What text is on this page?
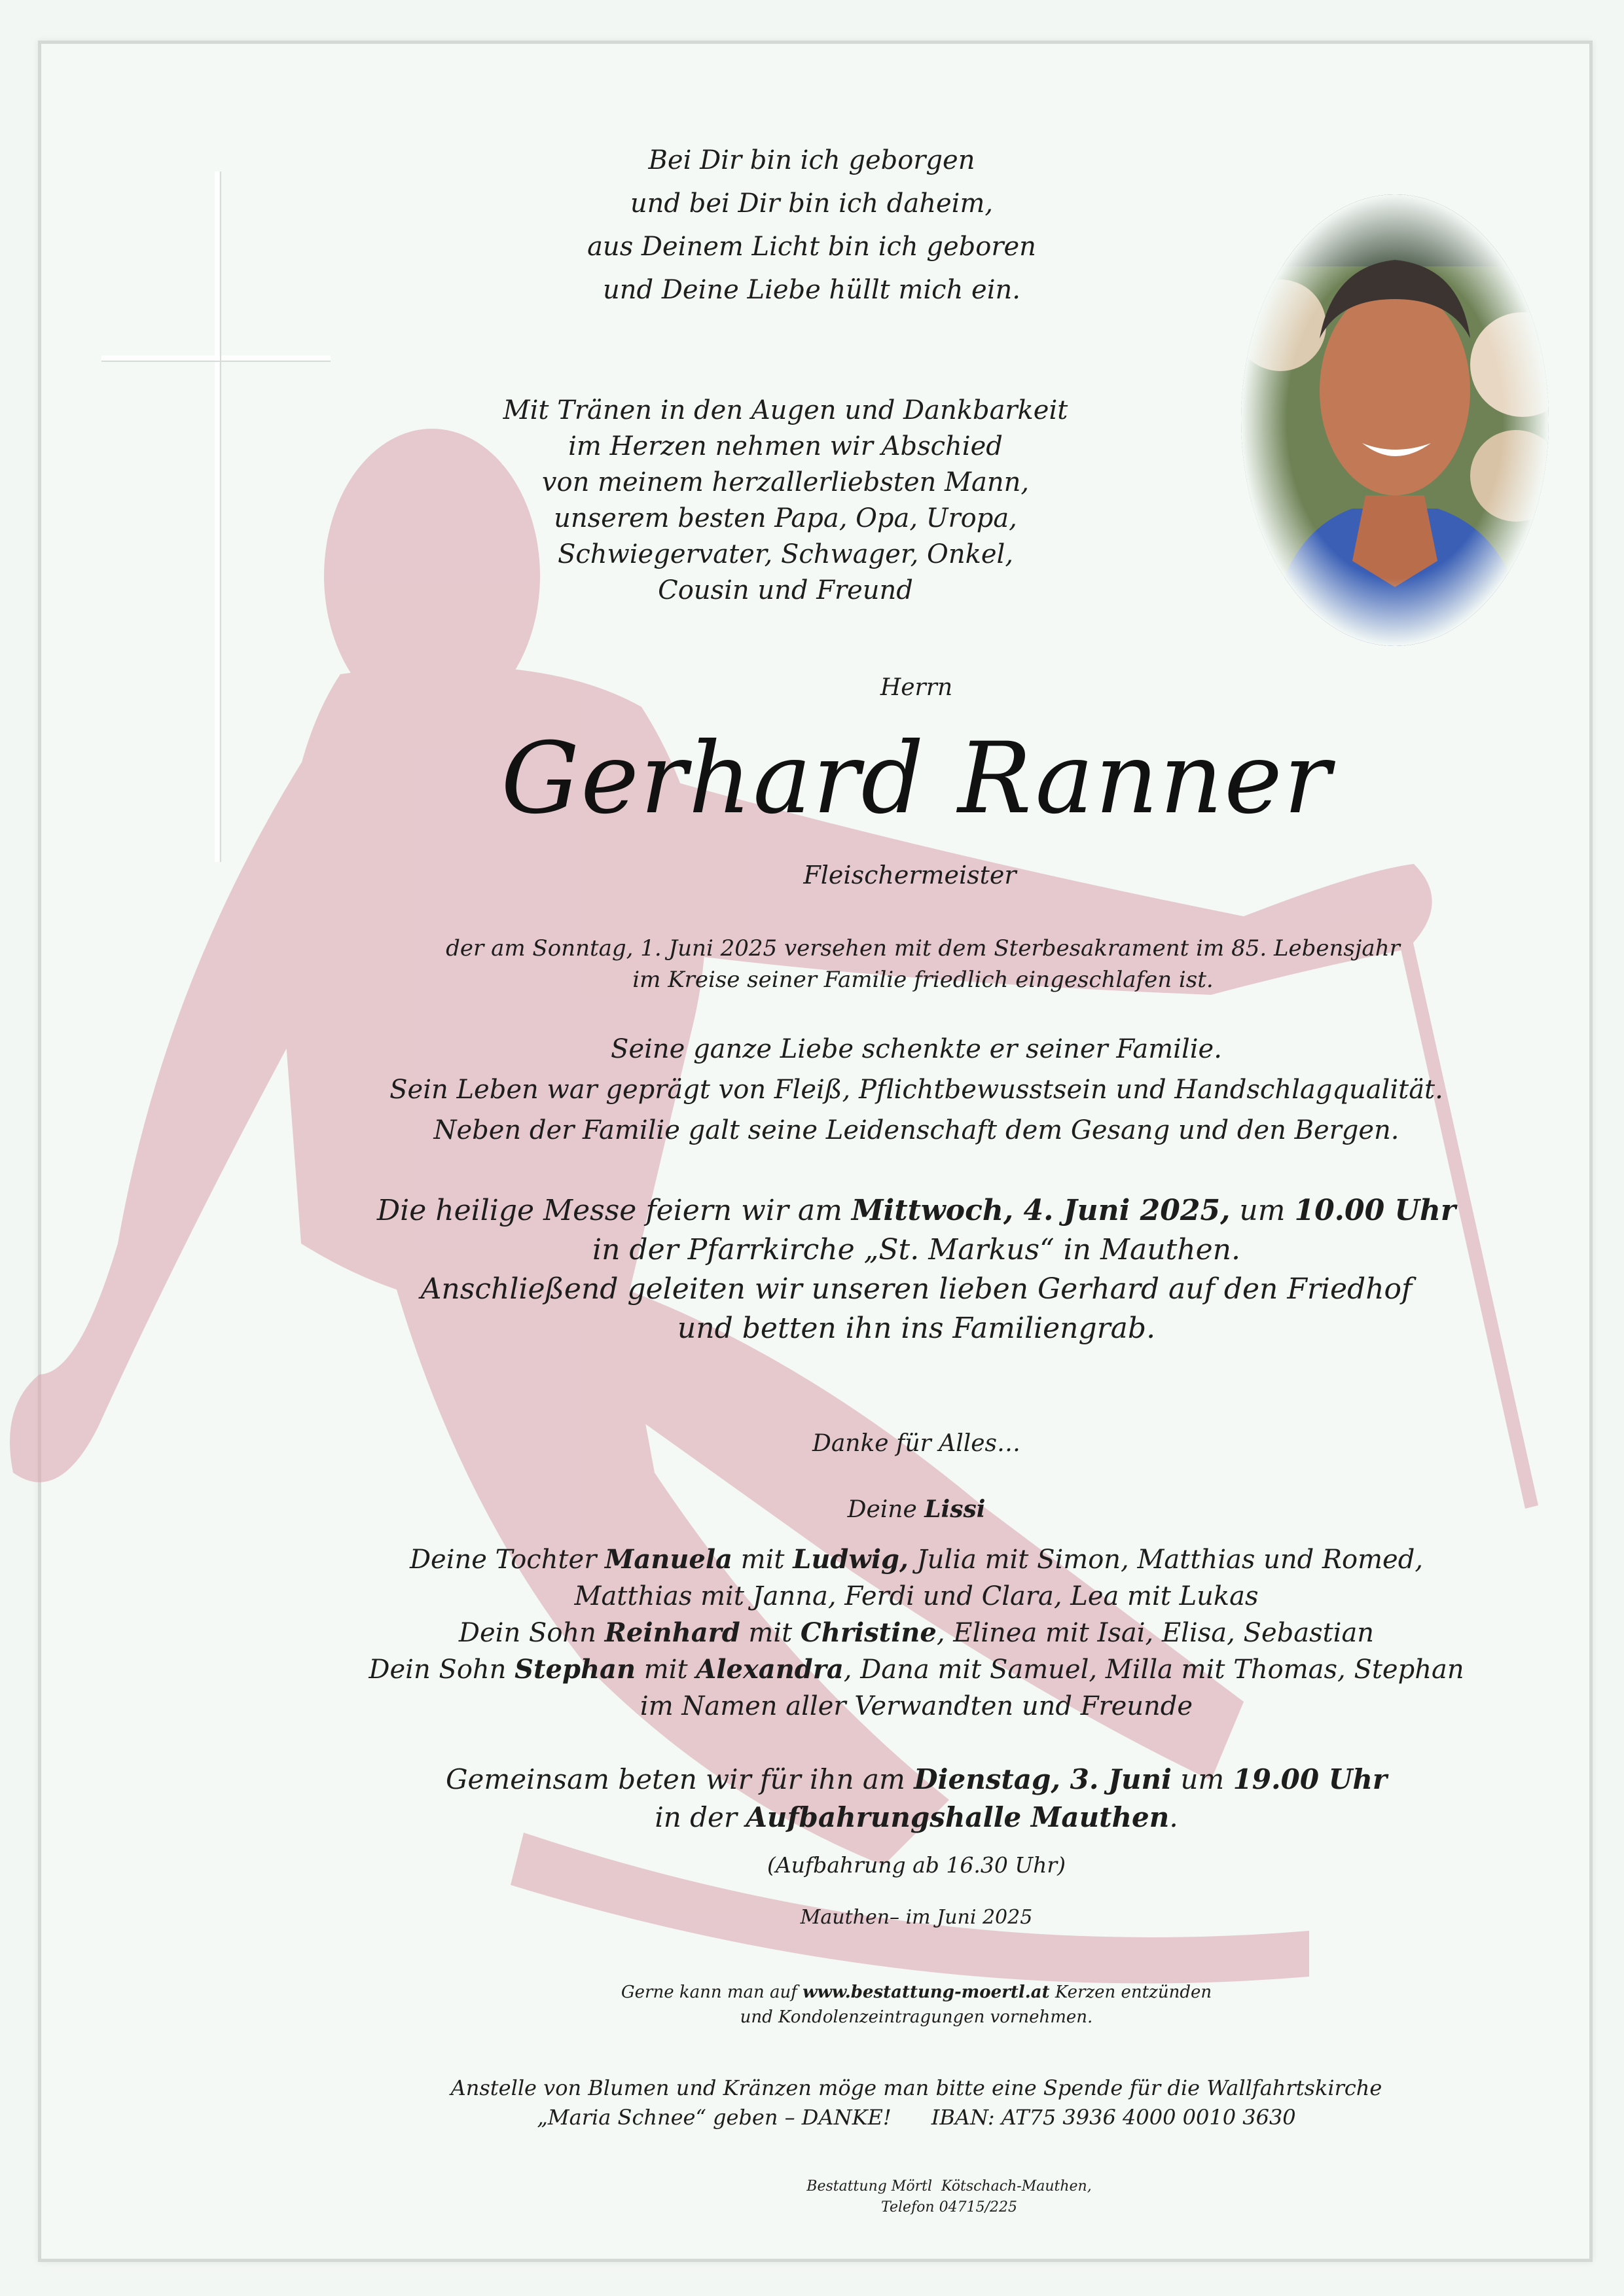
Bei Dir bin ich geborgen
und bei Dir bin ich daheim,
aus Deinem Licht bin ich geboren
und Deine Liebe hüllt mich ein.
Mit Tränen in den Augen und Dankbarkeit
im Herzen nehmen wir Abschied
von meinem herzallerliebsten Mann,
unserem besten Papa, Opa, Uropa,
Schwiegervater, Schwager, Onkel,
Cousin und Freund
Herrn
Gerhard Ranner
Fleischermeister
der am Sonntag, 1. Juni 2025 versehen mit dem Sterbesakrament im 85. Lebensjahr
im Kreise seiner Familie friedlich eingeschlafen ist.
Seine ganze Liebe schenkte er seiner Familie.
Sein Leben war geprägt von Fleiß, Pflichtbewusstsein und Handschlagqualität.
Neben der Familie galt seine Leidenschaft dem Gesang und den Bergen.
Die heilige Messe feiern wir am Mittwoch, 4. Juni 2025, um 10.00 Uhr
in der Pfarrkirche „St. Markus“ in Mauthen.
Anschließend geleiten wir unseren lieben Gerhard auf den Friedhof
und betten ihn ins Familiengrab.
Danke für Alles…
Deine Lissi
Deine Tochter Manuela mit Ludwig, Julia mit Simon, Matthias und Romed,
Matthias mit Janna, Ferdi und Clara, Lea mit Lukas
Dein Sohn Reinhard mit Christine, Elinea mit Isai, Elisa, Sebastian
Dein Sohn Stephan mit Alexandra, Dana mit Samuel, Milla mit Thomas, Stephan
im Namen aller Verwandten und Freunde
Gemeinsam beten wir für ihn am Dienstag, 3. Juni um 19.00 Uhr
in der Aufbahrungshalle Mauthen.
(Aufbahrung ab 16.30 Uhr)
Mauthen– im Juni 2025
Gerne kann man auf www.bestattung-moertl.at Kerzen entzünden
und Kondolenzeintragungen vornehmen.
Anstelle von Blumen und Kränzen möge man bitte eine Spende für die Wallfahrtskirche
„Maria Schnee“ geben – DANKE!      IBAN: AT75 3936 4000 0010 3630
Bestattung Mörtl  Kötschach-Mauthen,
Telefon 04715/225
